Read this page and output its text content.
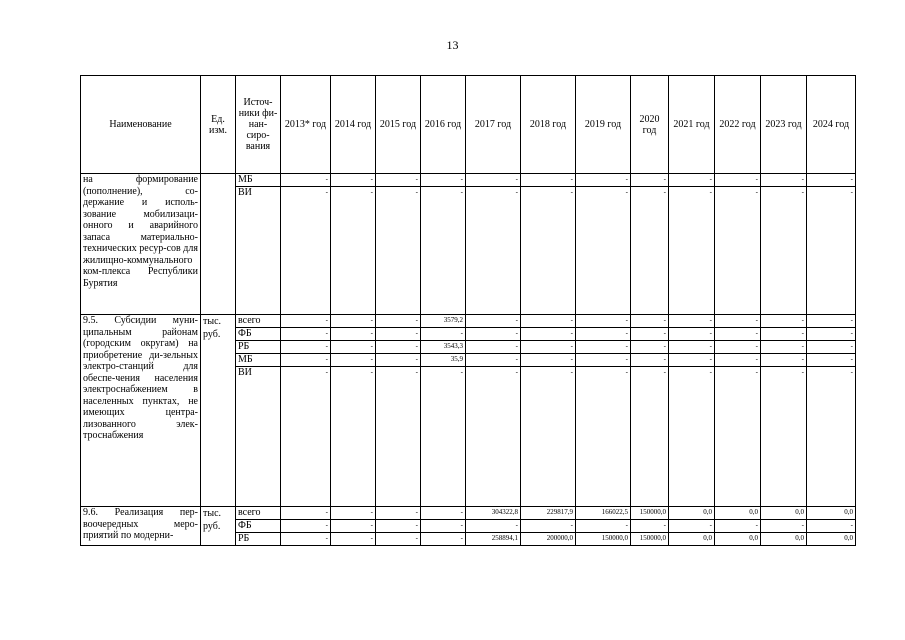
13
Наименование	Ед. изм.	Источ-ники фи-нан-сиро-вания	2013* год	2014 год	2015 год	2016 год	2017 год	2018 год	2019 год	2020 год	2021 год	2022 год	2023 год	2024 год
на формирование (пополнение), со-держание и исполь-зование мобилизаци-онного и аварийного запаса материально-технических ресур-сов для жилищно-коммунального ком-плекса Республики Бурятия		МБ	-	-	-	-	-	-	-	-	-	-	-	-
		ВИ	-	-	-	-	-	-	-	-	-	-	-	-
9.5. Субсидии муни-ципальным районам (городским округам) на приобретение ди-зельных электро-станций для обеспе-чения населения электроснабжением в населенных пунктах, не имеющих центра-лизованного элек-троснабжения	тыс. руб.	всего	-	-	-	3579,2	-	-	-	-	-	-	-	-
		ФБ	-	-	-	-	-	-	-	-	-	-	-	-
		РБ	-	-	-	3543,3	-	-	-	-	-	-	-	-
		МБ	-	-	-	35,9	-	-	-	-	-	-	-	-
		ВИ	-	-	-	-	-	-	-	-	-	-	-	-
9.6. Реализация пер-воочередных меро-приятий по модерни-	тыс. руб.	всего	-	-	-	-	304322,8	229817,9	166022,5	150000,0	0,0	0,0	0,0	0,0
		ФБ	-	-	-	-	-	-	-	-	-	-	-	-
		РБ	-	-	-	-	258894,1	200000,0	150000,0	150000,0	0,0	0,0	0,0	0,0
